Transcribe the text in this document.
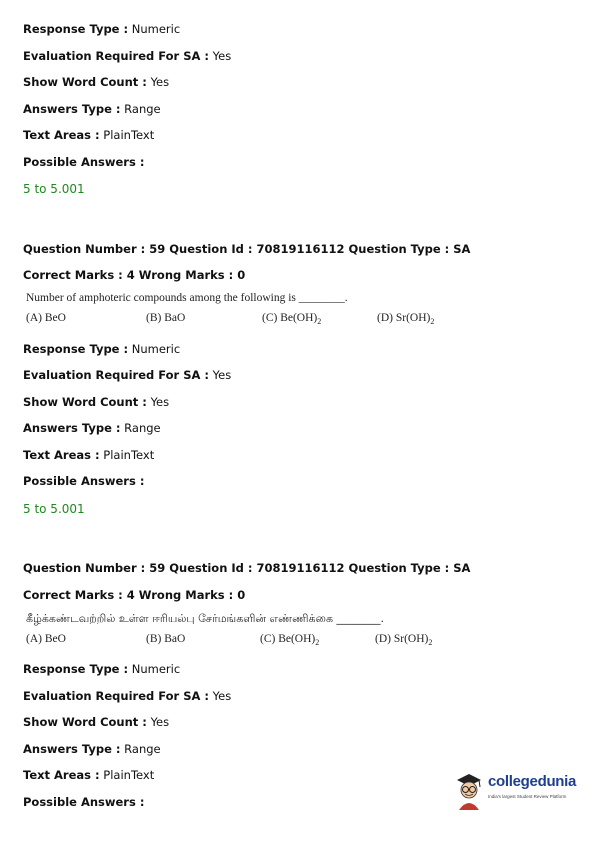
Response Type : Numeric
Evaluation Required For SA : Yes
Show Word Count : Yes
Answers Type : Range
Text Areas : PlainText
Possible Answers :
5 to 5.001
Question Number : 59 Question Id : 70819116112 Question Type : SA
Correct Marks : 4 Wrong Marks : 0
Number of amphoteric compounds among the following is ________.
(A) BeO	(B) BaO	(C) $Be(OH)_2$	(D) $Sr(OH)_2$
Response Type : Numeric
Evaluation Required For SA : Yes
Show Word Count : Yes
Answers Type : Range
Text Areas : PlainText
Possible Answers :
5 to 5.001
Question Number : 59 Question Id : 70819116112 Question Type : SA
Correct Marks : 4 Wrong Marks : 0
கீழ்க்கண்டவற்றில் உள்ள ஈரியல்பு சேர்மங்களின் எண்ணிக்கை ________.
(A) BeO	(B) BaO	(C) $Be(OH)_2$	(D) $Sr(OH)_2$
Response Type : Numeric
Evaluation Required For SA : Yes
Show Word Count : Yes
Answers Type : Range
Text Areas : PlainText
Possible Answers :
collegedunia
India's largest Student Review Platform
